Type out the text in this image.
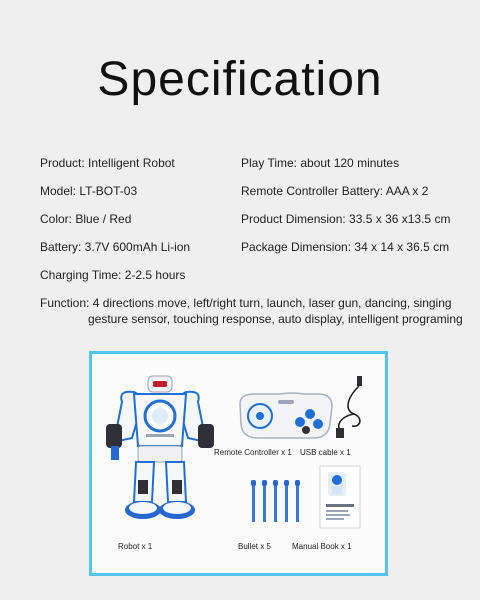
Specification
Product: Intelligent Robot	Play Time: about 120 minutes
Model: LT-BOT-03	Remote Controller Battery: AAA x 2
Color: Blue / Red	Product Dimension: 33.5 x 36 x13.5 cm
Battery: 3.7V 600mAh Li-ion	Package Dimension: 34 x 14 x 36.5 cm
Charging Time: 2-2.5 hours
Function: 4 directions move, left/right turn, launch, laser gun, dancing, singing
gesture sensor, touching response, auto display, intelligent programing
Robot x 1
Remote Controller x 1 USB cable x 1
Bullet x 5	Manual Book x 1
